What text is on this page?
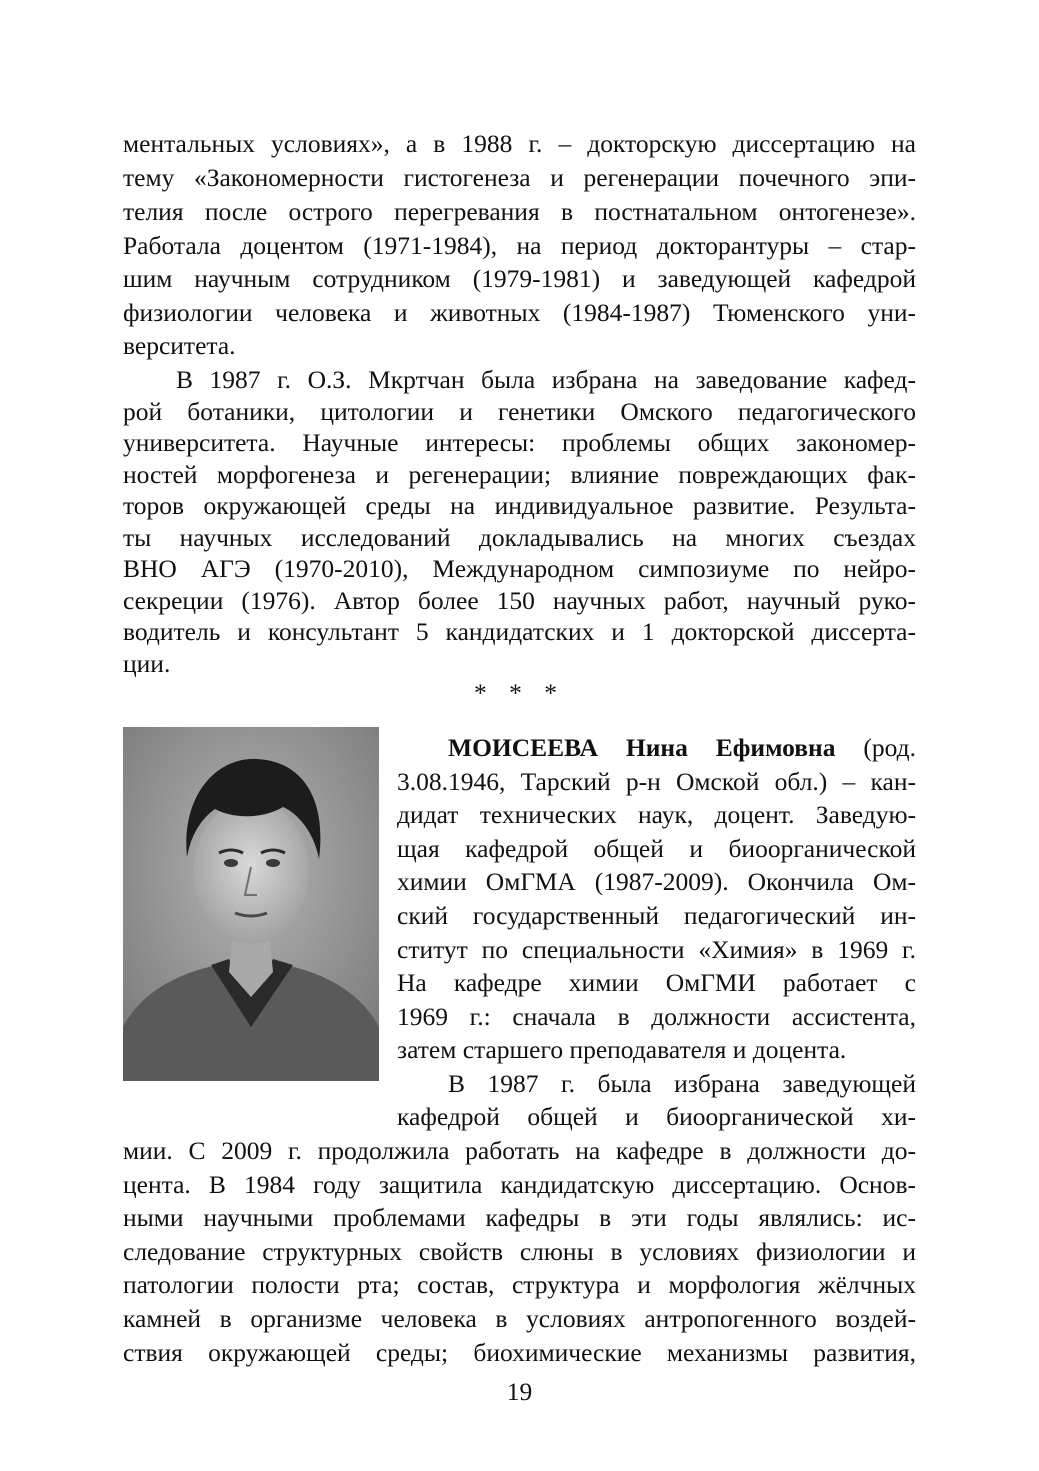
ментальных условиях», а в 1988 г. – докторскую диссертацию на
тему «Закономерности гистогенеза и регенерации почечного эпи-
телия после острого перегревания в постнатальном онтогенезе».
Работала доцентом (1971-1984), на период докторантуры – стар-
шим научным сотрудником (1979-1981) и заведующей кафедрой
физиологии человека и животных (1984-1987) Тюменского уни-
верситета.
В 1987 г. О.З. Мкртчан была избрана на заведование кафед-
рой ботаники, цитологии и генетики Омского педагогического
университета. Научные интересы: проблемы общих закономер-
ностей морфогенеза и регенерации; влияние повреждающих фак-
торов окружающей среды на индивидуальное развитие. Результа-
ты научных исследований докладывались на многих съездах
ВНО АГЭ (1970-2010), Международном симпозиуме по нейро-
секреции (1976). Автор более 150 научных работ, научный руко-
водитель и консультант 5 кандидатских и 1 докторской диссерта-
* * *
МОИСЕЕВА Нина Ефимовна (род.
3.08.1946, Тарский р-н Омской обл.) – кан-
дидат технических наук, доцент. Заведую-
щая кафедрой общей и биоорганической
химии ОмГМА (1987-2009). Окончила Ом-
ский государственный педагогический ин-
ститут по специальности «Химия» в 1969 г.
На кафедре химии ОмГМИ работает с
1969 г.: сначала в должности ассистента,
затем старшего преподавателя и доцента.
В 1987 г. была избрана заведующей
кафедрой общей и биоорганической хи-
мии. С 2009 г. продолжила работать на кафедре в должности до-
цента. В 1984 году защитила кандидатскую диссертацию. Основ-
ными научными проблемами кафедры в эти годы являлись: ис-
следование структурных свойств слюны в условиях физиологии и
патологии полости рта; состав, структура и морфология жёлчных
камней в организме человека в условиях антропогенного воздей-
ствия окружающей среды; биохимические механизмы развития,
19
ции.
